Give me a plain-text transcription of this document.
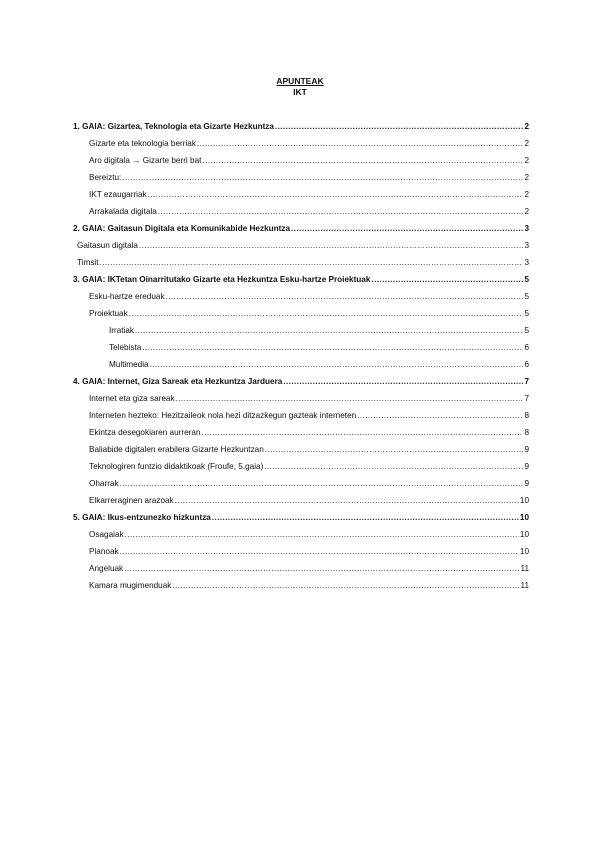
APUNTEAK
IKT
1. GAIA: Gizartea, Teknologia eta Gizarte Hezkuntza .....	2
Gizarte eta teknologia berriak .....	2
Aro digitala → Gizarte berri bat .....	2
Bereiztu: .....	2
IKT ezaugarriak .....	2
Arrakalada digitala .....	2
2. GAIA: Gaitasun Digitala eta Komunikabide Hezkuntza .....	3
Gaitasun digitala .....	3
Timsit .....	3
3. GAIA: IKTetan Oinarritutako Gizarte eta Hezkuntza Esku-hartze Proiektuak .....	5
Esku-hartze ereduak .....	5
Proiektuak .....	5
Irratiak .....	5
Telebista .....	6
Multimedia .....	6
4. GAIA: Internet, Giza Sareak eta Hezkuntza Jarduera .....	7
Internet eta giza sareak .....	7
Interneten hezteko: Hezitzaileok nola hezi ditzazkegun gazteak interneten .....	8
Ekintza desegokiaren aurreran .....	8
Baliabide digitalen erabilera Gizarte Hezkuntzan .....	9
Teknologiren funtzio didaktikoak (Froufe, 5.gaia) .....	9
Oharrak .....	9
Elkarreraginen arazoak .....	10
5. GAIA: Ikus-entzunezko hizkuntza .....	10
Osagaiak .....	10
Planoak .....	10
Angeluak .....	11
Kamara mugimenduak .....	11
